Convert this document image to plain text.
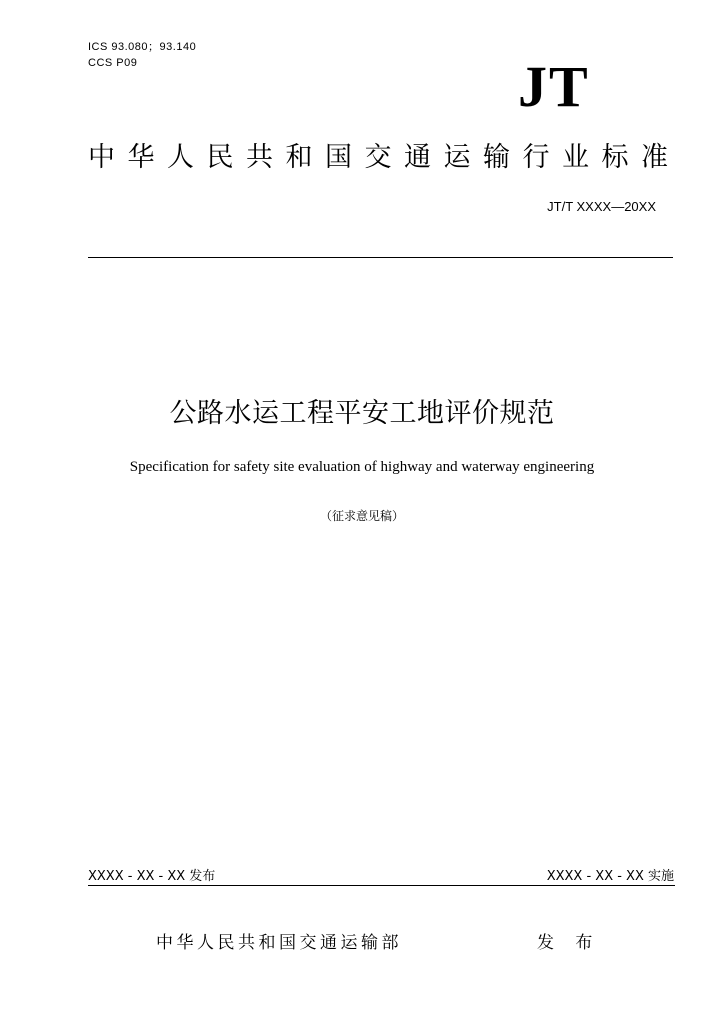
ICS 93.080；93.140
CCS P09	JT
中华人民共和国交通运输行业标准
JT/T XXXX—20XX
公路水运工程平安工地评价规范
Specification for safety site evaluation of highway and waterway engineering
（征求意见稿）
XXXX - XX - XX 发布	XXXX - XX - XX 实施
中华人民共和国交通运输部	发 布
